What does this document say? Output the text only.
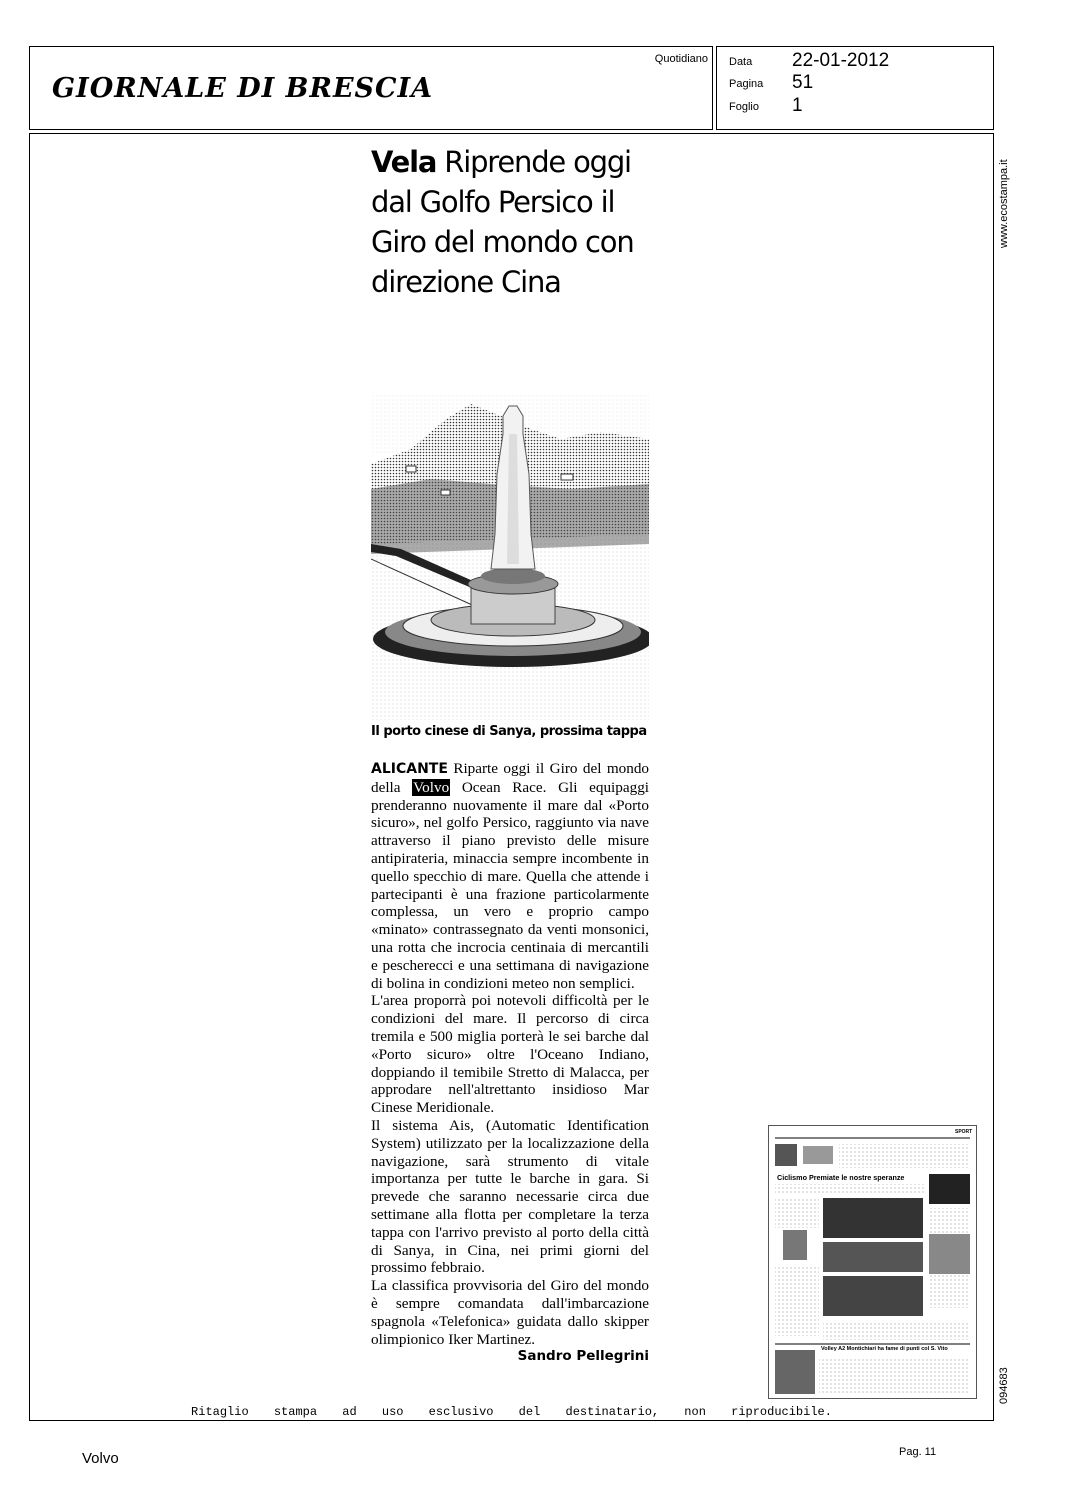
GIORNALE DI BRESCIA
Quotidiano Data 22-01-2012
Pagina 51
Foglio 1
www.ecostampa.it
094683
Vela Riprende oggi dal Golfo Persico il Giro del mondo con direzione Cina
Il porto cinese di Sanya, prossima tappa

ALICANTE Riparte oggi il Giro del mondo della Volvo Ocean Race. Gli equipaggi prenderanno nuovamente il mare dal «Porto sicuro», nel golfo Persico, raggiunto via nave attraverso il piano previsto delle misure antipirateria, minaccia sempre incombente in quello specchio di mare. Quella che attende i partecipanti è una frazione particolarmente complessa, un vero e proprio campo «minato» contrassegnato da venti monsonici, una rotta che incrocia centinaia di mercantili e pescherecci e una settimana di navigazione di bolina in condizioni meteo non semplici.

L'area proporrà poi notevoli difficoltà per le condizioni del mare. Il percorso di circa tremila e 500 miglia porterà le sei barche dal «Porto sicuro» oltre l'Oceano Indiano, doppiando il temibile Stretto di Malacca, per approdare nell'altrettanto insidioso Mar Cinese Meridionale.

Il sistema Ais, (Automatic Identification System) utilizzato per la localizzazione della navigazione, sarà strumento di vitale importanza per tutte le barche in gara. Si prevede che saranno necessarie circa due settimane alla flotta per completare la terza tappa con l'arrivo previsto al porto della città di Sanya, in Cina, nei primi giorni del prossimo febbraio.

La classifica provvisoria del Giro del mondo è sempre comandata dall'imbarcazione spagnola «Telefonica» guidata dallo skipper olimpionico Iker Martinez.

Sandro Pellegrini
SPORT
Ciclismo Premiate le nostre speranze
Volley A2 Montichiari ha fame di punti col S. Vito
Ritaglio stampa ad uso esclusivo del destinatario, non riproducibile.
Volvo	Pag. 11
